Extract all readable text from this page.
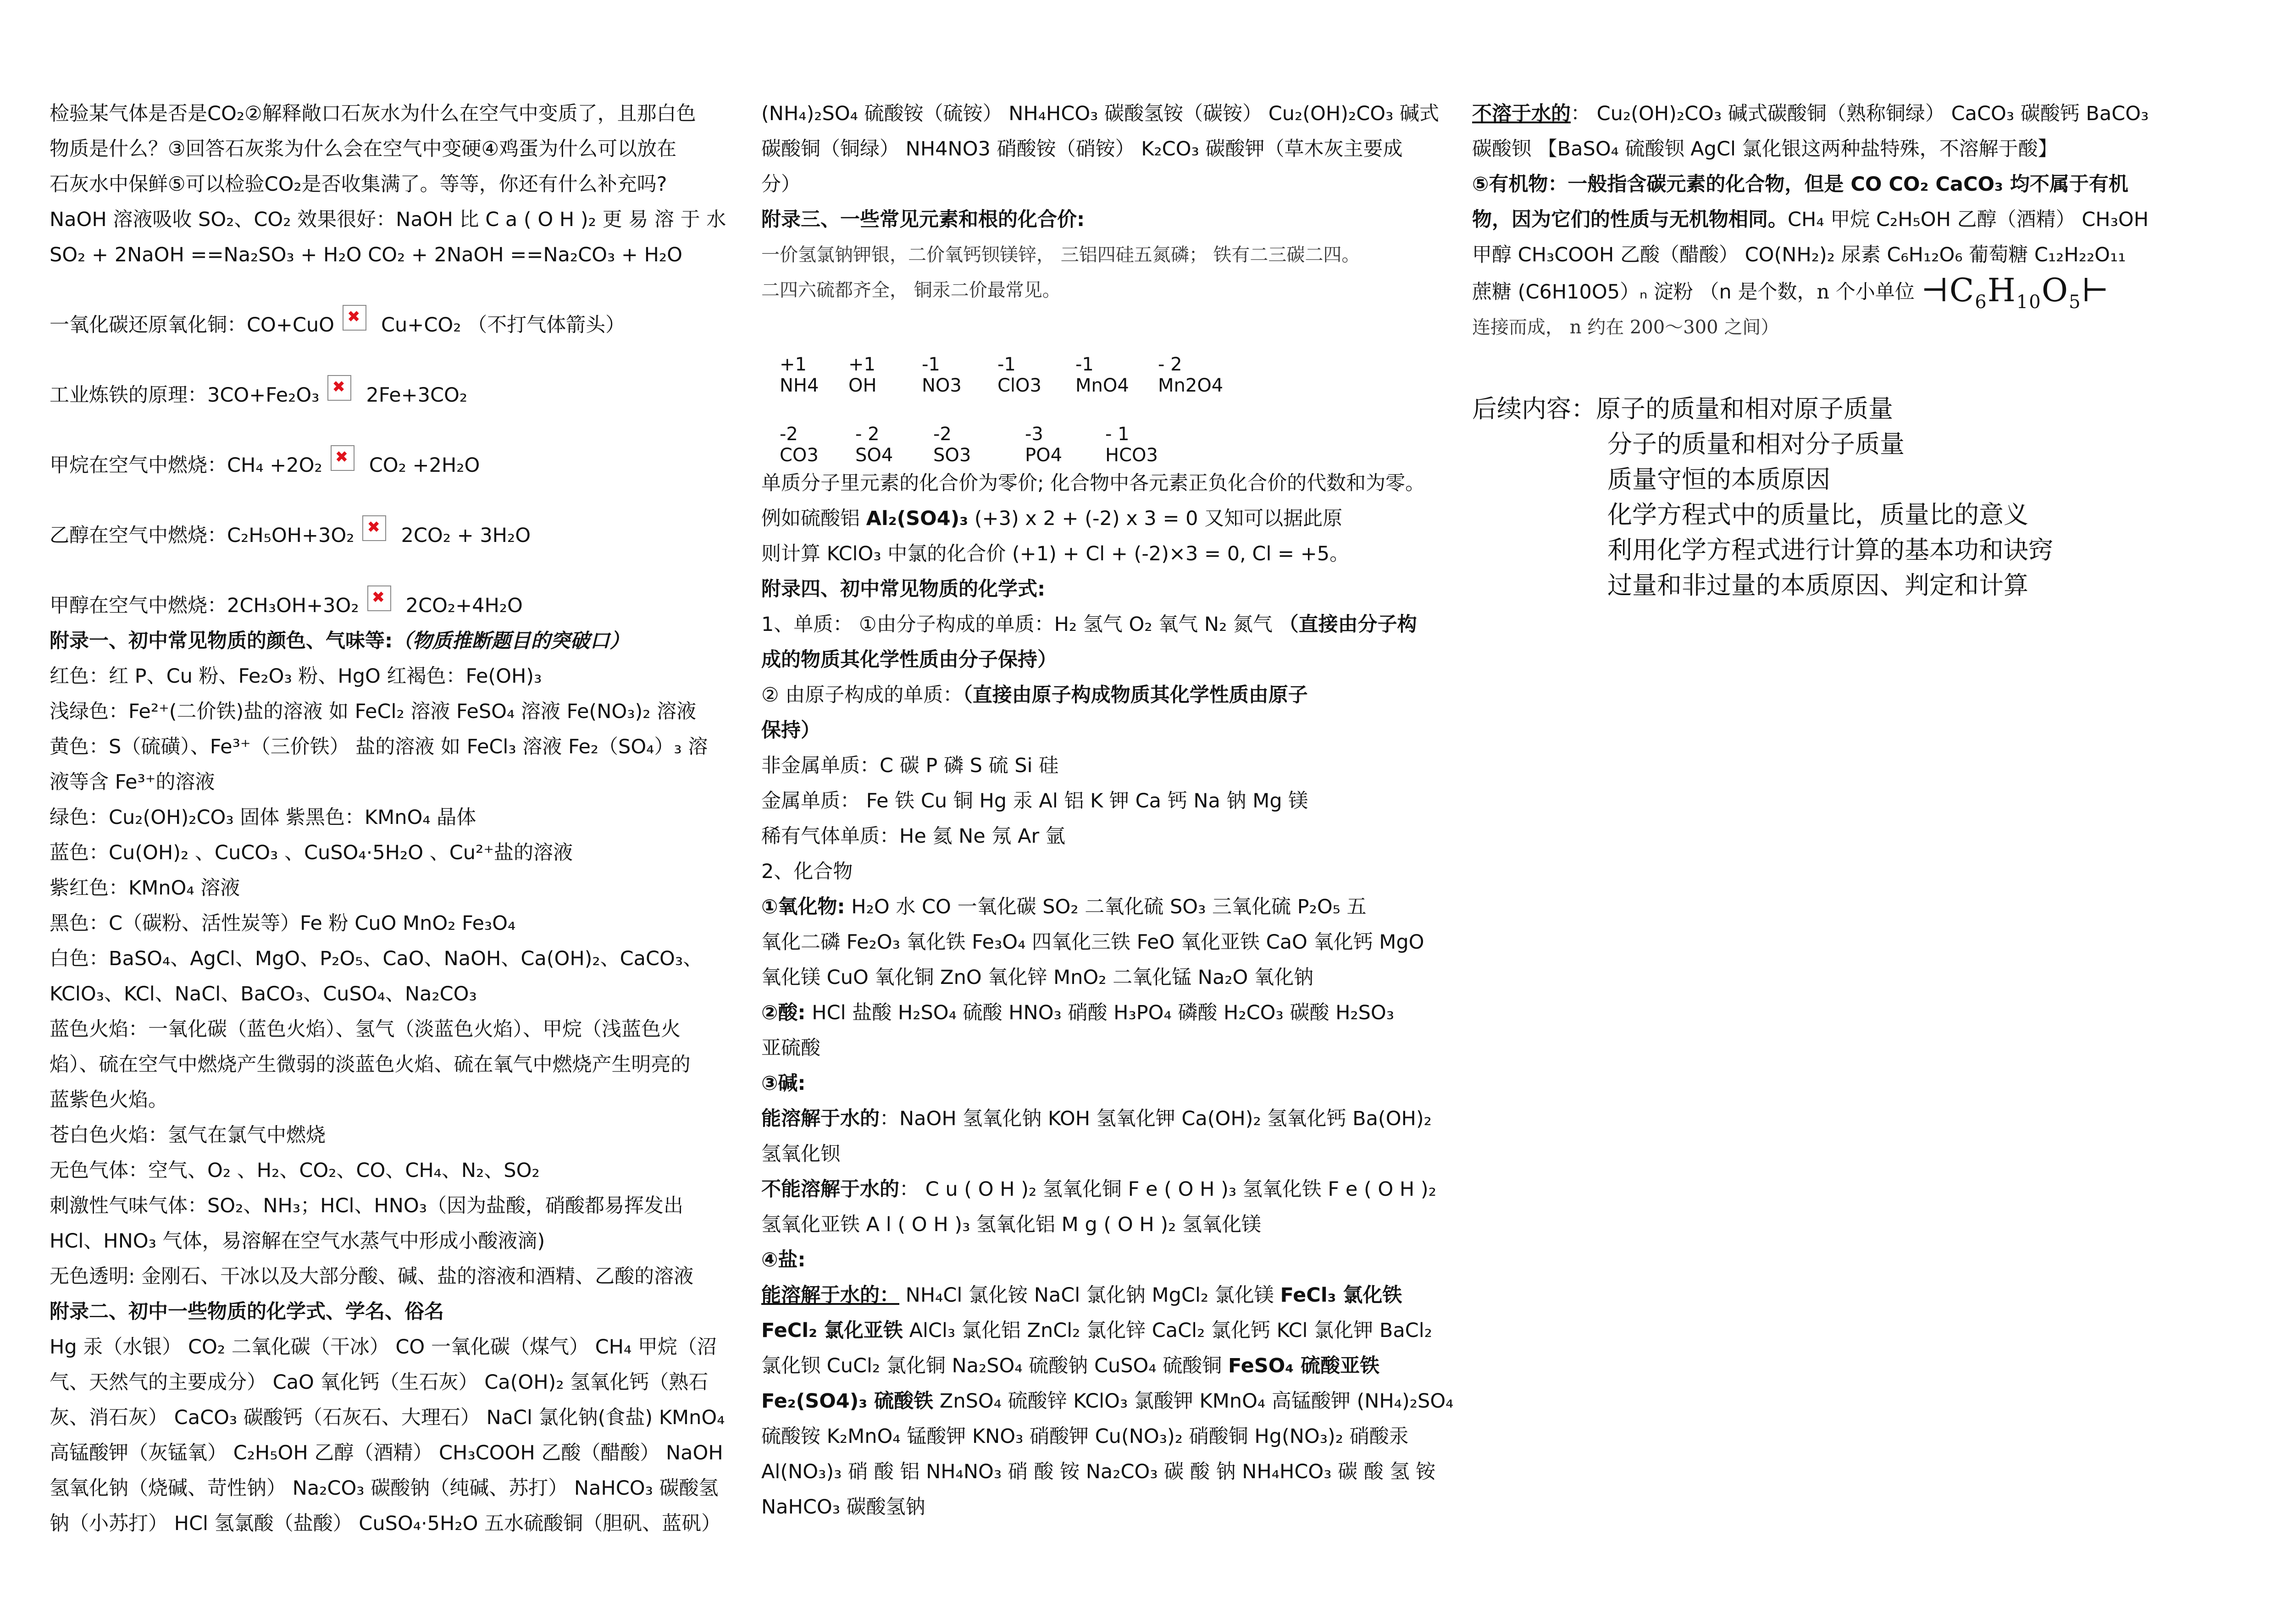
检验某气体是否是CO₂②解释敞口石灰水为什么在空气中变质了，且那白色
物质是什么？③回答石灰浆为什么会在空气中变硬④鸡蛋为什么可以放在
石灰水中保鲜⑤可以检验CO₂是否收集满了。等等，你还有什么补充吗?
NaOH 溶液吸收 SO₂、CO₂ 效果很好：NaOH 比 C a ( O H )₂ 更 易 溶 于 水
SO₂ + 2NaOH ==Na₂SO₃ + H₂O CO₂ + 2NaOH ==Na₂CO₃ + H₂O
一氧化碳还原氧化铜：CO+CuO ✖ Cu+CO₂ （不打气体箭头）
工业炼铁的原理：3CO+Fe₂O₃ ✖ 2Fe+3CO₂
甲烷在空气中燃烧：CH₄ +2O₂ ✖ CO₂ +2H₂O
乙醇在空气中燃烧：C₂H₅OH+3O₂ ✖ 2CO₂ + 3H₂O
甲醇在空气中燃烧：2CH₃OH+3O₂ ✖ 2CO₂+4H₂O
附录一、初中常见物质的颜色、气味等:（物质推断题目的突破口）
红色：红 P、Cu 粉、Fe₂O₃ 粉、HgO 红褐色：Fe(OH)₃
浅绿色：Fe²⁺(二价铁)盐的溶液 如 FeCl₂ 溶液 FeSO₄ 溶液 Fe(NO₃)₂ 溶液
黄色：S（硫磺）、Fe³⁺（三价铁） 盐的溶液 如 FeCl₃ 溶液 Fe₂（SO₄）₃ 溶
液等含 Fe³⁺的溶液
绿色：Cu₂(OH)₂CO₃ 固体 紫黑色：KMnO₄ 晶体
蓝色：Cu(OH)₂ 、CuCO₃ 、CuSO₄·5H₂O 、Cu²⁺盐的溶液
紫红色：KMnO₄ 溶液
黑色：C（碳粉、活性炭等）Fe 粉 CuO MnO₂ Fe₃O₄
白色：BaSO₄、AgCl、MgO、P₂O₅、CaO、NaOH、Ca(OH)₂、CaCO₃、
KClO₃、KCl、NaCl、BaCO₃、CuSO₄、Na₂CO₃
蓝色火焰：一氧化碳（蓝色火焰）、氢气（淡蓝色火焰）、甲烷（浅蓝色火
焰）、硫在空气中燃烧产生微弱的淡蓝色火焰、硫在氧气中燃烧产生明亮的
蓝紫色火焰。
苍白色火焰：氢气在氯气中燃烧
无色气体：空气、O₂ 、H₂、CO₂、CO、CH₄、N₂、SO₂
刺激性气味气体：SO₂、NH₃；HCl、HNO₃（因为盐酸，硝酸都易挥发出
HCl、HNO₃ 气体，易溶解在空气水蒸气中形成小酸液滴)
无色透明: 金刚石、干冰以及大部分酸、碱、盐的溶液和酒精、乙酸的溶液
附录二、初中一些物质的化学式、学名、俗名
Hg 汞（水银） CO₂ 二氧化碳（干冰） CO 一氧化碳（煤气） CH₄ 甲烷（沼
气、天然气的主要成分） CaO 氧化钙（生石灰） Ca(OH)₂ 氢氧化钙（熟石
灰、消石灰） CaCO₃ 碳酸钙（石灰石、大理石） NaCl 氯化钠(食盐) KMnO₄
高锰酸钾（灰锰氧） C₂H₅OH 乙醇（酒精） CH₃COOH 乙酸（醋酸） NaOH
氢氧化钠（烧碱、苛性钠） Na₂CO₃ 碳酸钠（纯碱、苏打） NaHCO₃ 碳酸氢
钠（小苏打） HCl 氢氯酸（盐酸） CuSO₄·5H₂O 五水硫酸铜（胆矾、蓝矾）
(NH₄)₂SO₄ 硫酸铵（硫铵） NH₄HCO₃ 碳酸氢铵（碳铵） Cu₂(OH)₂CO₃ 碱式
碳酸铜（铜绿） NH4NO3 硝酸铵（硝铵） K₂CO₃ 碳酸钾（草木灰主要成
分）
附录三、一些常见元素和根的化合价:
一价氢氯钠钾银，二价氧钙钡镁锌， 三铝四硅五氮磷； 铁有二三碳二四。
二四六硫都齐全， 铜汞二价最常见。
+1	+1	-1	-1	-1	- 2
NH4	OH	NO3	ClO3	MnO4	Mn2O4
-2	- 2	-2	-3	- 1
CO3	SO4	SO3	PO4	HCO3
单质分子里元素的化合价为零价; 化合物中各元素正负化合价的代数和为零。
例如硫酸铝 Al₂(SO4)₃ (+3) x 2 + (-2) x 3 = 0 又知可以据此原
则计算 KClO₃ 中氯的化合价 (+1) + Cl + (-2)×3 = 0, Cl = +5。
附录四、初中常见物质的化学式:
1、单质： ①由分子构成的单质：H₂ 氢气 O₂ 氧气 N₂ 氮气 （直接由分子构
成的物质其化学性质由分子保持）
② 由原子构成的单质：（直接由原子构成物质其化学性质由原子
保持）
非金属单质：C 碳 P 磷 S 硫 Si 硅
金属单质： Fe 铁 Cu 铜 Hg 汞 Al 铝 K 钾 Ca 钙 Na 钠 Mg 镁
稀有气体单质：He 氦 Ne 氖 Ar 氩
2、化合物
①氧化物: H₂O 水 CO 一氧化碳 SO₂ 二氧化硫 SO₃ 三氧化硫 P₂O₅ 五
氧化二磷 Fe₂O₃ 氧化铁 Fe₃O₄ 四氧化三铁 FeO 氧化亚铁 CaO 氧化钙 MgO
氧化镁 CuO 氧化铜 ZnO 氧化锌 MnO₂ 二氧化锰 Na₂O 氧化钠
②酸: HCl 盐酸 H₂SO₄ 硫酸 HNO₃ 硝酸 H₃PO₄ 磷酸 H₂CO₃ 碳酸 H₂SO₃
亚硫酸
③碱:
能溶解于水的：NaOH 氢氧化钠 KOH 氢氧化钾 Ca(OH)₂ 氢氧化钙 Ba(OH)₂
氢氧化钡
不能溶解于水的： C u ( O H )₂ 氢氧化铜 F e ( O H )₃ 氢氧化铁 F e ( O H )₂
氢氧化亚铁 A l ( O H )₃ 氢氧化铝 M g ( O H )₂ 氢氧化镁
④盐:
能溶解于水的： NH₄Cl 氯化铵 NaCl 氯化钠 MgCl₂ 氯化镁 FeCl₃ 氯化铁
FeCl₂ 氯化亚铁 AlCl₃ 氯化铝 ZnCl₂ 氯化锌 CaCl₂ 氯化钙 KCl 氯化钾 BaCl₂
氯化钡 CuCl₂ 氯化铜 Na₂SO₄ 硫酸钠 CuSO₄ 硫酸铜 FeSO₄ 硫酸亚铁
Fe₂(SO4)₃ 硫酸铁 ZnSO₄ 硫酸锌 KClO₃ 氯酸钾 KMnO₄ 高锰酸钾 (NH₄)₂SO₄
硫酸铵 K₂MnO₄ 锰酸钾 KNO₃ 硝酸钾 Cu(NO₃)₂ 硝酸铜 Hg(NO₃)₂ 硝酸汞
Al(NO₃)₃ 硝 酸 铝 NH₄NO₃ 硝 酸 铵 Na₂CO₃ 碳 酸 钠 NH₄HCO₃ 碳 酸 氢 铵
NaHCO₃ 碳酸氢钠
不溶于水的： Cu₂(OH)₂CO₃ 碱式碳酸铜（熟称铜绿） CaCO₃ 碳酸钙 BaCO₃
碳酸钡 【BaSO₄ 硫酸钡 AgCl 氯化银这两种盐特殊，不溶解于酸】
⑤有机物：一般指含碳元素的化合物，但是 CO CO₂ CaCO₃ 均不属于有机
物，因为它们的性质与无机物相同。CH₄ 甲烷 C₂H₅OH 乙醇（酒精） CH₃OH
甲醇 CH₃COOH 乙酸（醋酸） CO(NH₂)₂ 尿素 C₆H₁₂O₆ 葡萄糖 C₁₂H₂₂O₁₁
蔗糖 (C6H10O5）ₙ 淀粉 （n 是个数，n 个小单位 $⊣C_6H_{10}O_5⊢$
连接而成， n 约在 200～300 之间）
后续内容：原子的质量和相对原子质量
分子的质量和相对分子质量
质量守恒的本质原因
化学方程式中的质量比，质量比的意义
利用化学方程式进行计算的基本功和诀窍
过量和非过量的本质原因、判定和计算
